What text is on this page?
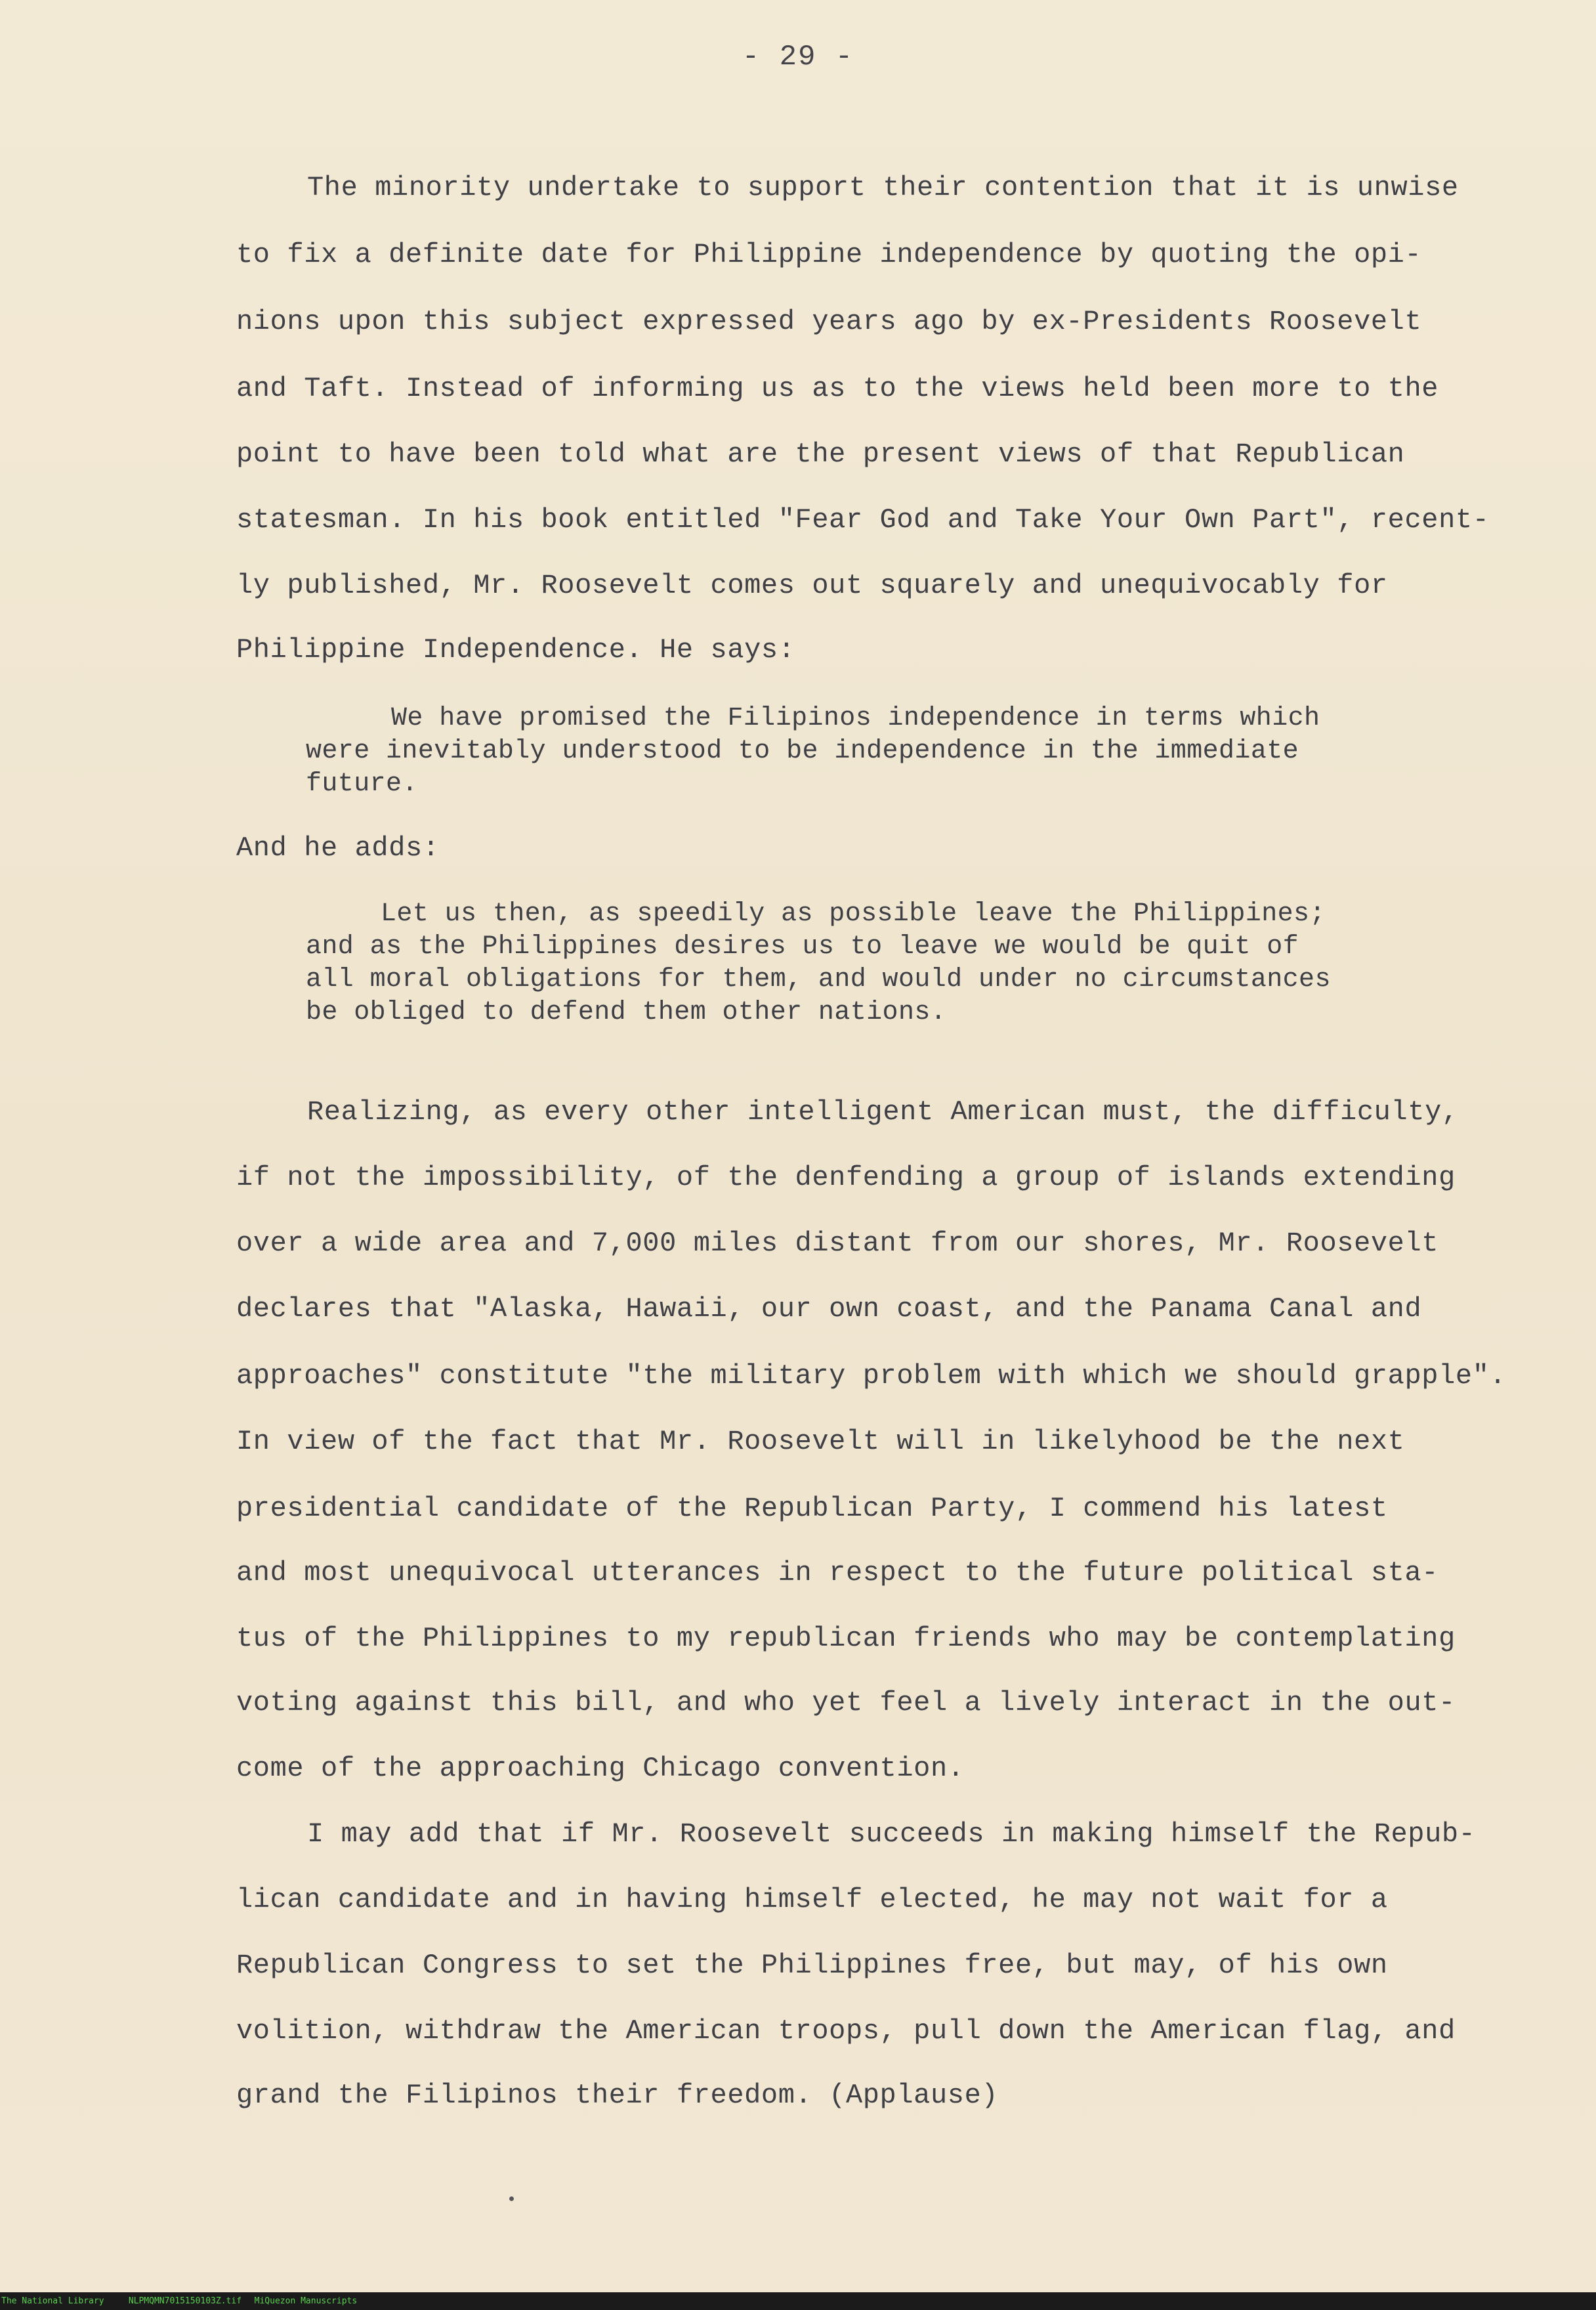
- 29 -
The minority undertake to support their contention that it is unwise
to fix a definite date for Philippine independence by quoting the opi-
nions upon this subject expressed years ago by ex-Presidents Roosevelt
and Taft. Instead of informing us as to the views held been more to the
point to have been told what are the present views of that Republican
statesman. In his book entitled "Fear God and Take Your Own Part", recent-
ly published, Mr. Roosevelt comes out squarely and unequivocably for
Philippine Independence. He says:
We have promised the Filipinos independence in terms which
were inevitably understood to be independence in the immediate
future.
And he adds:
Let us then, as speedily as possible leave the Philippines;
and as the Philippines desires us to leave we would be quit of
all moral obligations for them, and would under no circumstances
be obliged to defend them other nations.
Realizing, as every other intelligent American must, the difficulty,
if not the impossibility, of the denfending a group of islands extending
over a wide area and 7,000 miles distant from our shores, Mr. Roosevelt
declares that "Alaska, Hawaii, our own coast, and the Panama Canal and
approaches" constitute "the military problem with which we should grapple".
In view of the fact that Mr. Roosevelt will in likelyhood be the next
presidential candidate of the Republican Party, I commend his latest
and most unequivocal utterances in respect to the future political sta-
tus of the Philippines to my republican friends who may be contemplating
voting against this bill, and who yet feel a lively interact in the out-
come of the approaching Chicago convention.
I may add that if Mr. Roosevelt succeeds in making himself the Repub-
lican candidate and in having himself elected, he may not wait for a
Republican Congress to set the Philippines free, but may, of his own
volition, withdraw the American troops, pull down the American flag, and
grand the Filipinos their freedom. (Applause)
The National Library	NLPMQMN7015150103Z.tif MiQuezon Manuscripts
